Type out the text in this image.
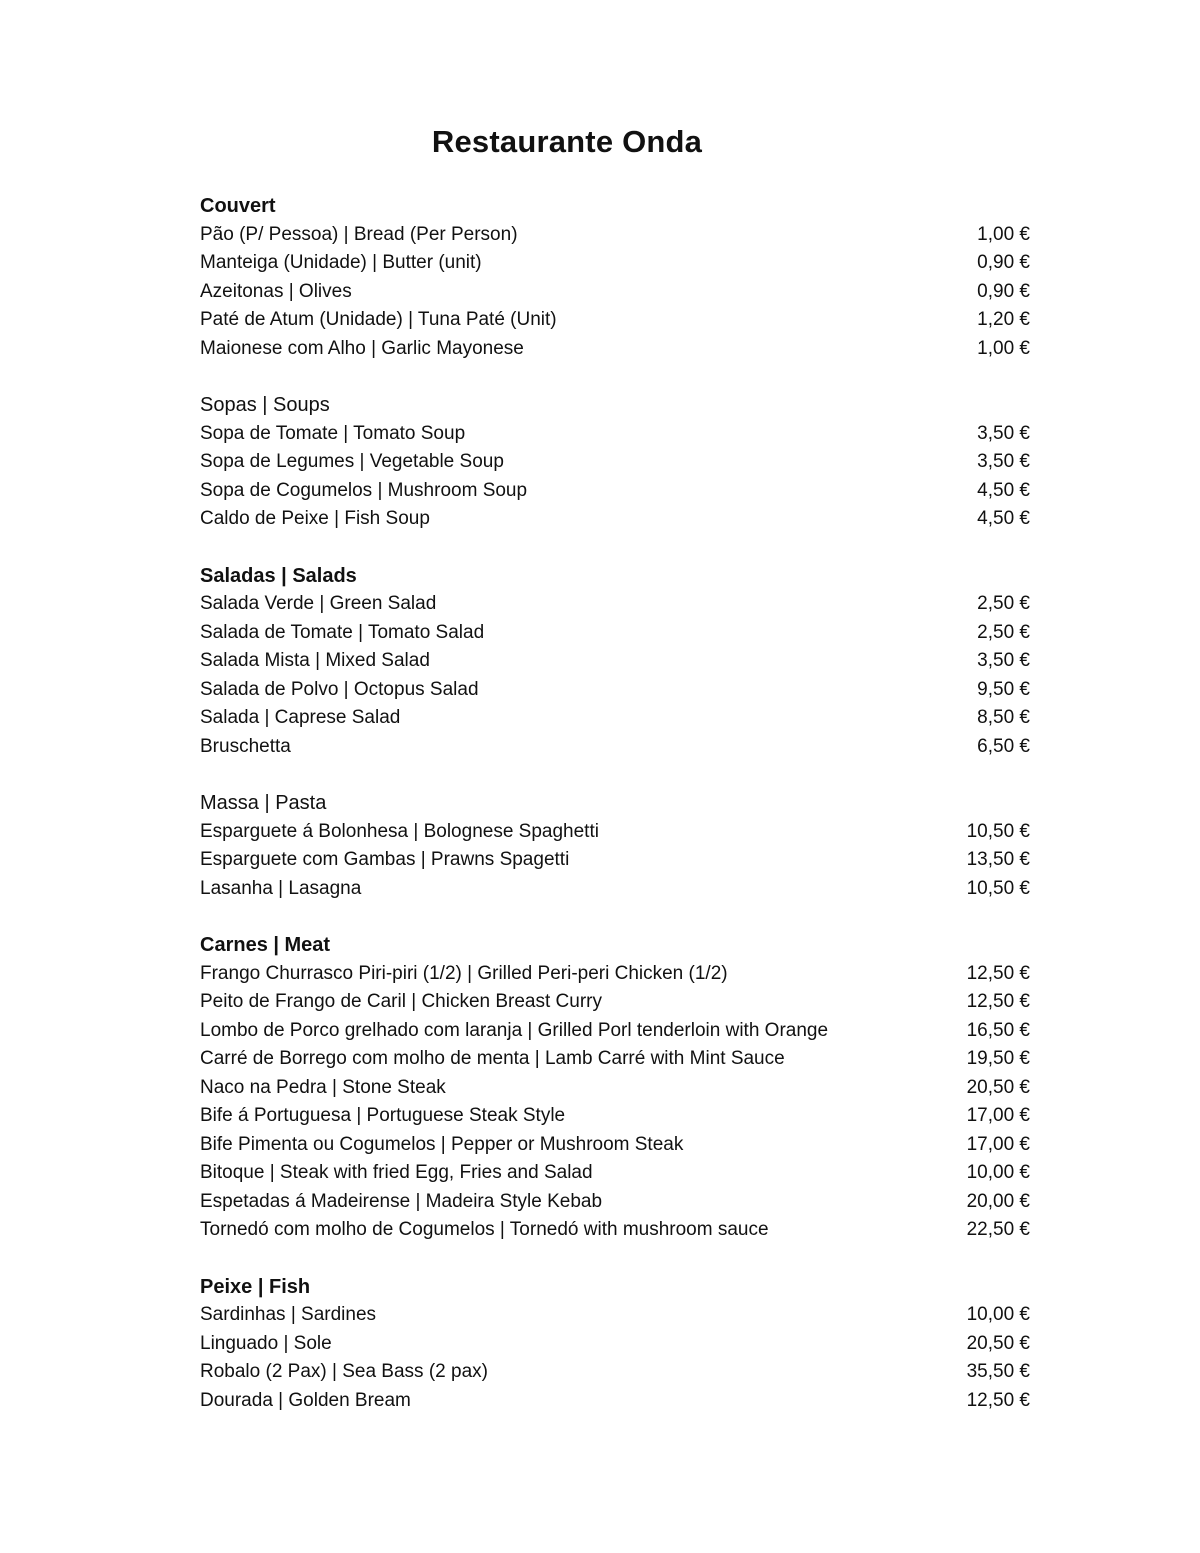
Restaurante Onda
Couvert
Pão (P/ Pessoa) | Bread (Per Person)	1,00 €
Manteiga (Unidade) | Butter (unit)	0,90 €
Azeitonas | Olives	0,90 €
Paté de Atum (Unidade) | Tuna Paté (Unit)	1,20 €
Maionese com Alho | Garlic Mayonese	1,00 €
Sopas | Soups
Sopa de Tomate | Tomato Soup	3,50 €
Sopa de Legumes | Vegetable Soup	3,50 €
Sopa de Cogumelos | Mushroom Soup	4,50 €
Caldo de Peixe | Fish Soup	4,50 €
Saladas | Salads
Salada Verde | Green Salad	2,50 €
Salada de Tomate | Tomato Salad	2,50 €
Salada Mista | Mixed Salad	3,50 €
Salada de Polvo | Octopus Salad	9,50 €
Salada | Caprese Salad	8,50 €
Bruschetta	6,50 €
Massa | Pasta
Esparguete á Bolonhesa | Bolognese Spaghetti	10,50 €
Esparguete com Gambas | Prawns Spagetti	13,50 €
Lasanha | Lasagna	10,50 €
Carnes | Meat
Frango Churrasco Piri-piri (1/2) | Grilled Peri-peri Chicken (1/2)	12,50 €
Peito de Frango de Caril | Chicken Breast Curry	12,50 €
Lombo de Porco grelhado com laranja | Grilled Porl tenderloin with Orange	16,50 €
Carré de Borrego com molho de menta | Lamb Carré with Mint Sauce	19,50 €
Naco na Pedra | Stone Steak	20,50 €
Bife á Portuguesa | Portuguese Steak Style	17,00 €
Bife Pimenta ou Cogumelos | Pepper or Mushroom Steak	17,00 €
Bitoque | Steak with fried Egg, Fries and Salad	10,00 €
Espetadas á Madeirense | Madeira Style Kebab	20,00 €
Tornedó com molho de Cogumelos | Tornedó with mushroom sauce	22,50 €
Peixe | Fish
Sardinhas | Sardines	10,00 €
Linguado | Sole	20,50 €
Robalo (2 Pax) | Sea Bass (2 pax)	35,50 €
Dourada | Golden Bream	12,50 €
